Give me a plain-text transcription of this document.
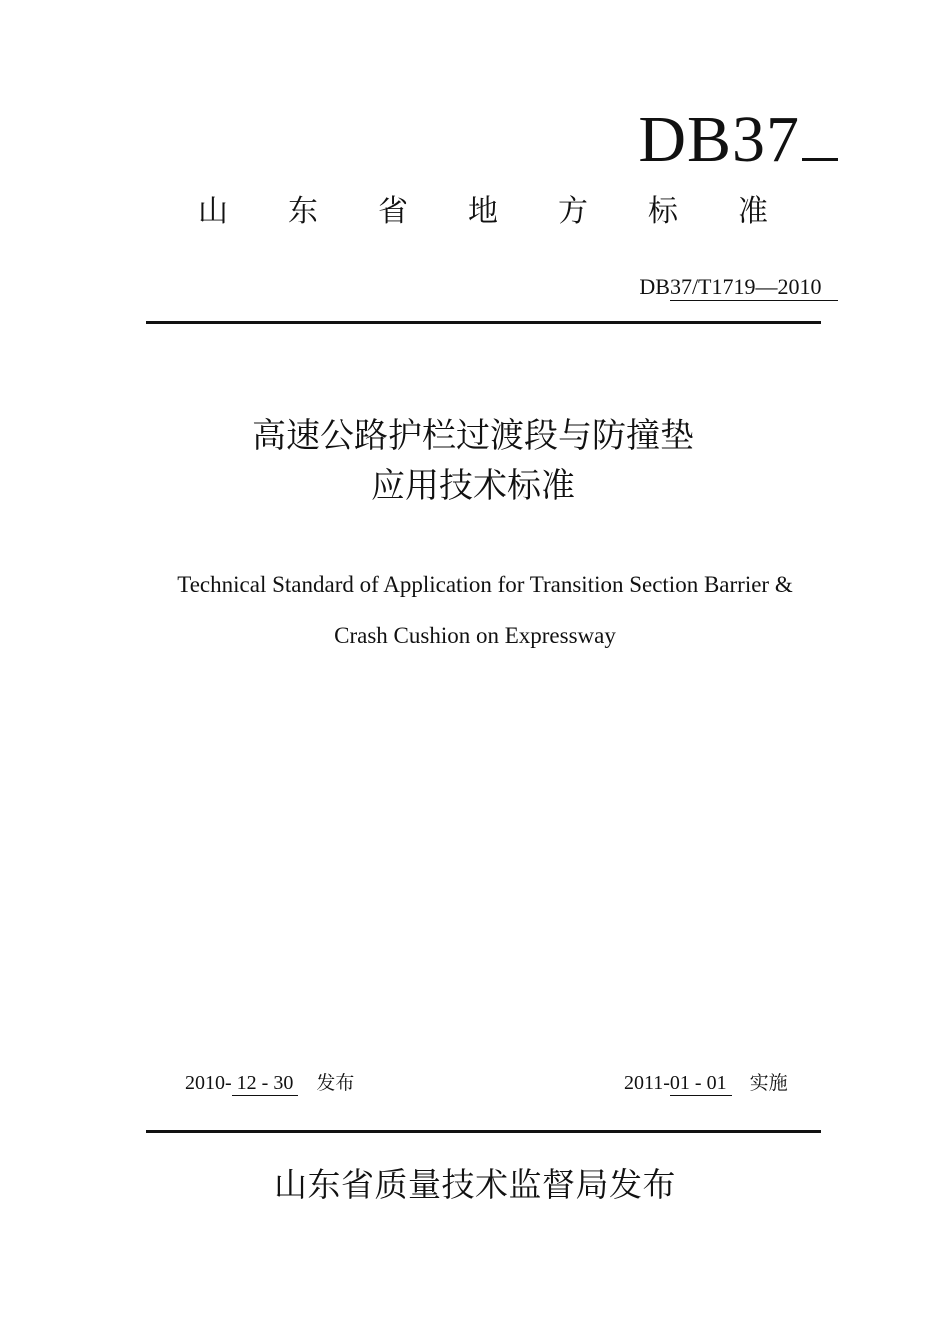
DB37
山 东 省 地 方 标 准
DB37/T1719—2010
高速公路护栏过渡段与防撞垫
应用技术标准
Technical Standard of Application for Transition Section Barrier &
Crash Cushion on Expressway
2010- 12 - 30 发布	2011-01 - 01 实施
山东省质量技术监督局发布
